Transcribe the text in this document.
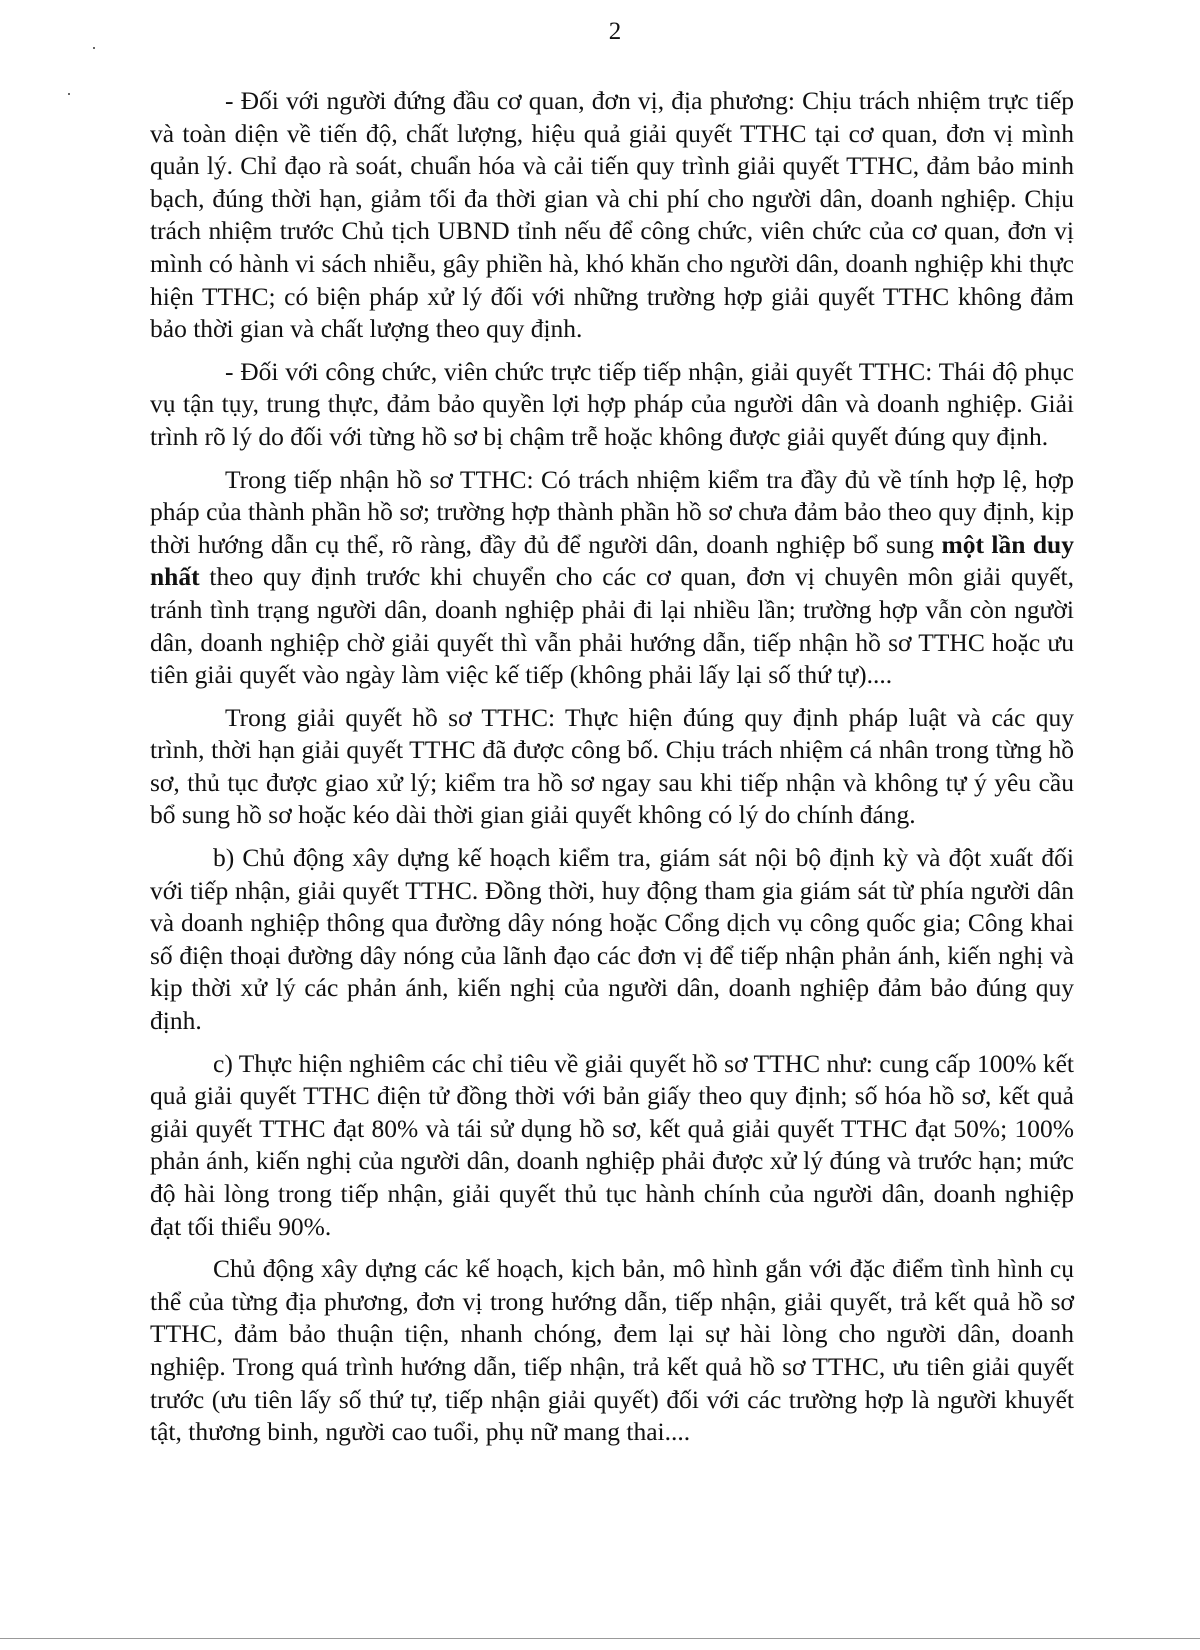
2

- Đối với người đứng đầu cơ quan, đơn vị, địa phương: Chịu trách nhiệm trực tiếp và toàn diện về tiến độ, chất lượng, hiệu quả giải quyết TTHC tại cơ quan, đơn vị mình quản lý. Chỉ đạo rà soát, chuẩn hóa và cải tiến quy trình giải quyết TTHC, đảm bảo minh bạch, đúng thời hạn, giảm tối đa thời gian và chi phí cho người dân, doanh nghiệp. Chịu trách nhiệm trước Chủ tịch UBND tỉnh nếu để công chức, viên chức của cơ quan, đơn vị mình có hành vi sách nhiễu, gây phiền hà, khó khăn cho người dân, doanh nghiệp khi thực hiện TTHC; có biện pháp xử lý đối với những trường hợp giải quyết TTHC không đảm bảo thời gian và chất lượng theo quy định.

- Đối với công chức, viên chức trực tiếp tiếp nhận, giải quyết TTHC: Thái độ phục vụ tận tụy, trung thực, đảm bảo quyền lợi hợp pháp của người dân và doanh nghiệp. Giải trình rõ lý do đối với từng hồ sơ bị chậm trễ hoặc không được giải quyết đúng quy định.

Trong tiếp nhận hồ sơ TTHC: Có trách nhiệm kiểm tra đầy đủ về tính hợp lệ, hợp pháp của thành phần hồ sơ; trường hợp thành phần hồ sơ chưa đảm bảo theo quy định, kịp thời hướng dẫn cụ thể, rõ ràng, đầy đủ để người dân, doanh nghiệp bổ sung một lần duy nhất theo quy định trước khi chuyển cho các cơ quan, đơn vị chuyên môn giải quyết, tránh tình trạng người dân, doanh nghiệp phải đi lại nhiều lần; trường hợp vẫn còn người dân, doanh nghiệp chờ giải quyết thì vẫn phải hướng dẫn, tiếp nhận hồ sơ TTHC hoặc ưu tiên giải quyết vào ngày làm việc kế tiếp (không phải lấy lại số thứ tự)....

Trong giải quyết hồ sơ TTHC: Thực hiện đúng quy định pháp luật và các quy trình, thời hạn giải quyết TTHC đã được công bố. Chịu trách nhiệm cá nhân trong từng hồ sơ, thủ tục được giao xử lý; kiểm tra hồ sơ ngay sau khi tiếp nhận và không tự ý yêu cầu bổ sung hồ sơ hoặc kéo dài thời gian giải quyết không có lý do chính đáng.

b) Chủ động xây dựng kế hoạch kiểm tra, giám sát nội bộ định kỳ và đột xuất đối với tiếp nhận, giải quyết TTHC. Đồng thời, huy động tham gia giám sát từ phía người dân và doanh nghiệp thông qua đường dây nóng hoặc Cổng dịch vụ công quốc gia; Công khai số điện thoại đường dây nóng của lãnh đạo các đơn vị để tiếp nhận phản ánh, kiến nghị và kịp thời xử lý các phản ánh, kiến nghị của người dân, doanh nghiệp đảm bảo đúng quy định.

c) Thực hiện nghiêm các chỉ tiêu về giải quyết hồ sơ TTHC như: cung cấp 100% kết quả giải quyết TTHC điện tử đồng thời với bản giấy theo quy định; số hóa hồ sơ, kết quả giải quyết TTHC đạt 80% và tái sử dụng hồ sơ, kết quả giải quyết TTHC đạt 50%; 100% phản ánh, kiến nghị của người dân, doanh nghiệp phải được xử lý đúng và trước hạn; mức độ hài lòng trong tiếp nhận, giải quyết thủ tục hành chính của người dân, doanh nghiệp đạt tối thiểu 90%.

Chủ động xây dựng các kế hoạch, kịch bản, mô hình gắn với đặc điểm tình hình cụ thể của từng địa phương, đơn vị trong hướng dẫn, tiếp nhận, giải quyết, trả kết quả hồ sơ TTHC, đảm bảo thuận tiện, nhanh chóng, đem lại sự hài lòng cho người dân, doanh nghiệp. Trong quá trình hướng dẫn, tiếp nhận, trả kết quả hồ sơ TTHC, ưu tiên giải quyết trước (ưu tiên lấy số thứ tự, tiếp nhận giải quyết) đối với các trường hợp là người khuyết tật, thương binh, người cao tuổi, phụ nữ mang thai....
